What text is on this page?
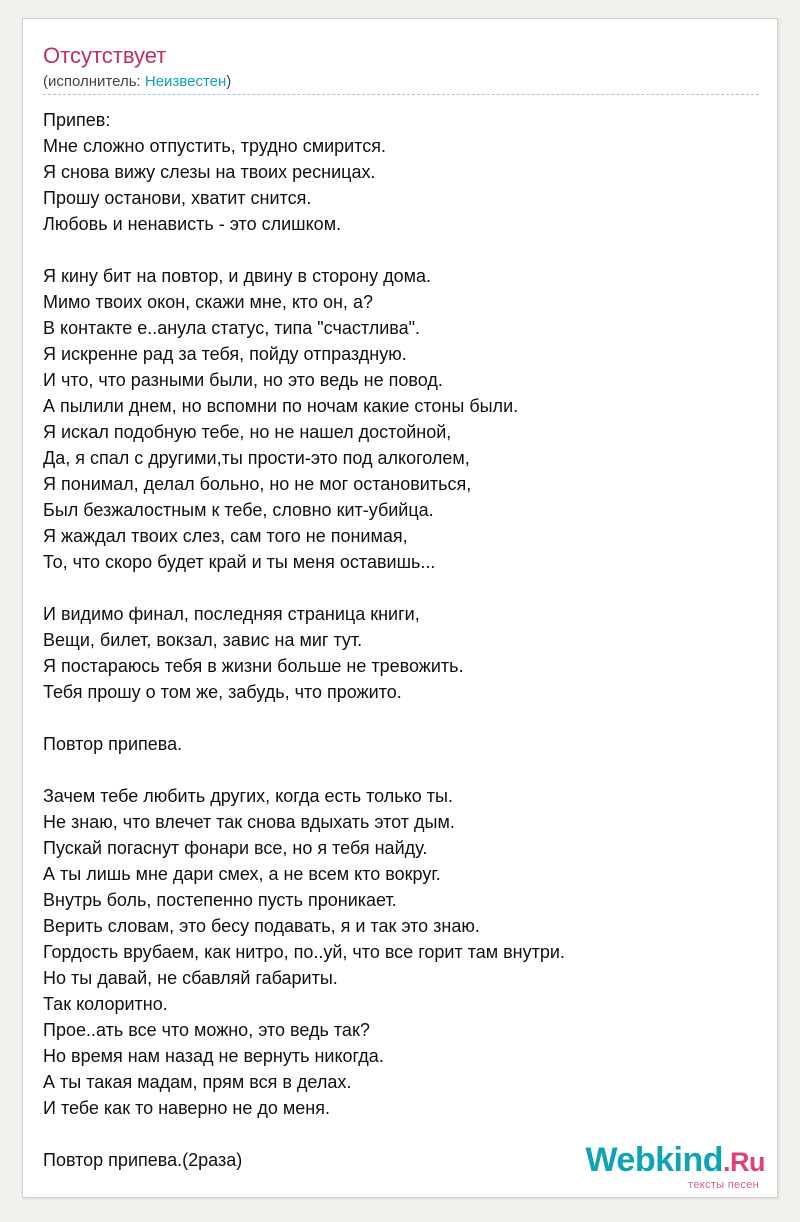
Отсутствует
(исполнитель: Неизвестен)
Припев:
Мне сложно отпустить, трудно смирится.
Я снова вижу слезы на твоих ресницах.
Прошу останови, хватит снится.
Любовь и ненависть - это слишком.
Я кину бит на повтор, и двину в сторону дома.
Мимо твоих окон, скажи мне, кто он, а?
В контакте е..анула статус, типа "счастлива".
Я искренне рад за тебя, пойду отпраздную.
И что, что разными были, но это ведь не повод.
А пылили днем, но вспомни по ночам какие стоны были.
Я искал подобную тебе, но не нашел достойной,
Да, я спал с другими,ты прости-это под алкоголем,
Я понимал, делал больно, но не мог остановиться,
Был безжалостным к тебе, словно кит-убийца.
Я жаждал твоих слез, сам того не понимая,
То, что скоро будет край и ты меня оставишь...
И видимо финал, последняя страница книги,
Вещи, билет, вокзал, завис на миг тут.
Я постараюсь тебя в жизни больше не тревожить.
Тебя прошу о том же, забудь, что прожито.
Повтор припева.
Зачем тебе любить других, когда есть только ты.
Не знаю, что влечет так снова вдыхать этот дым.
Пускай погаснут фонари все, но я тебя найду.
А ты лишь мне дари смех, а не всем кто вокруг.
Внутрь боль, постепенно пусть проникает.
Верить словам, это бесу подавать, я и так это знаю.
Гордость врубаем, как нитро, по..уй, что все горит там внутри.
Но ты давай, не сбавляй габариты.
Так колоритно.
Прое..ать все что можно, это ведь так?
Но время нам назад не вернуть никогда.
А ты такая мадам, прям вся в делах.
И тебе как то наверно не до меня.
Повтор припева.(2раза)	Webkind.Ru
тексты песен
